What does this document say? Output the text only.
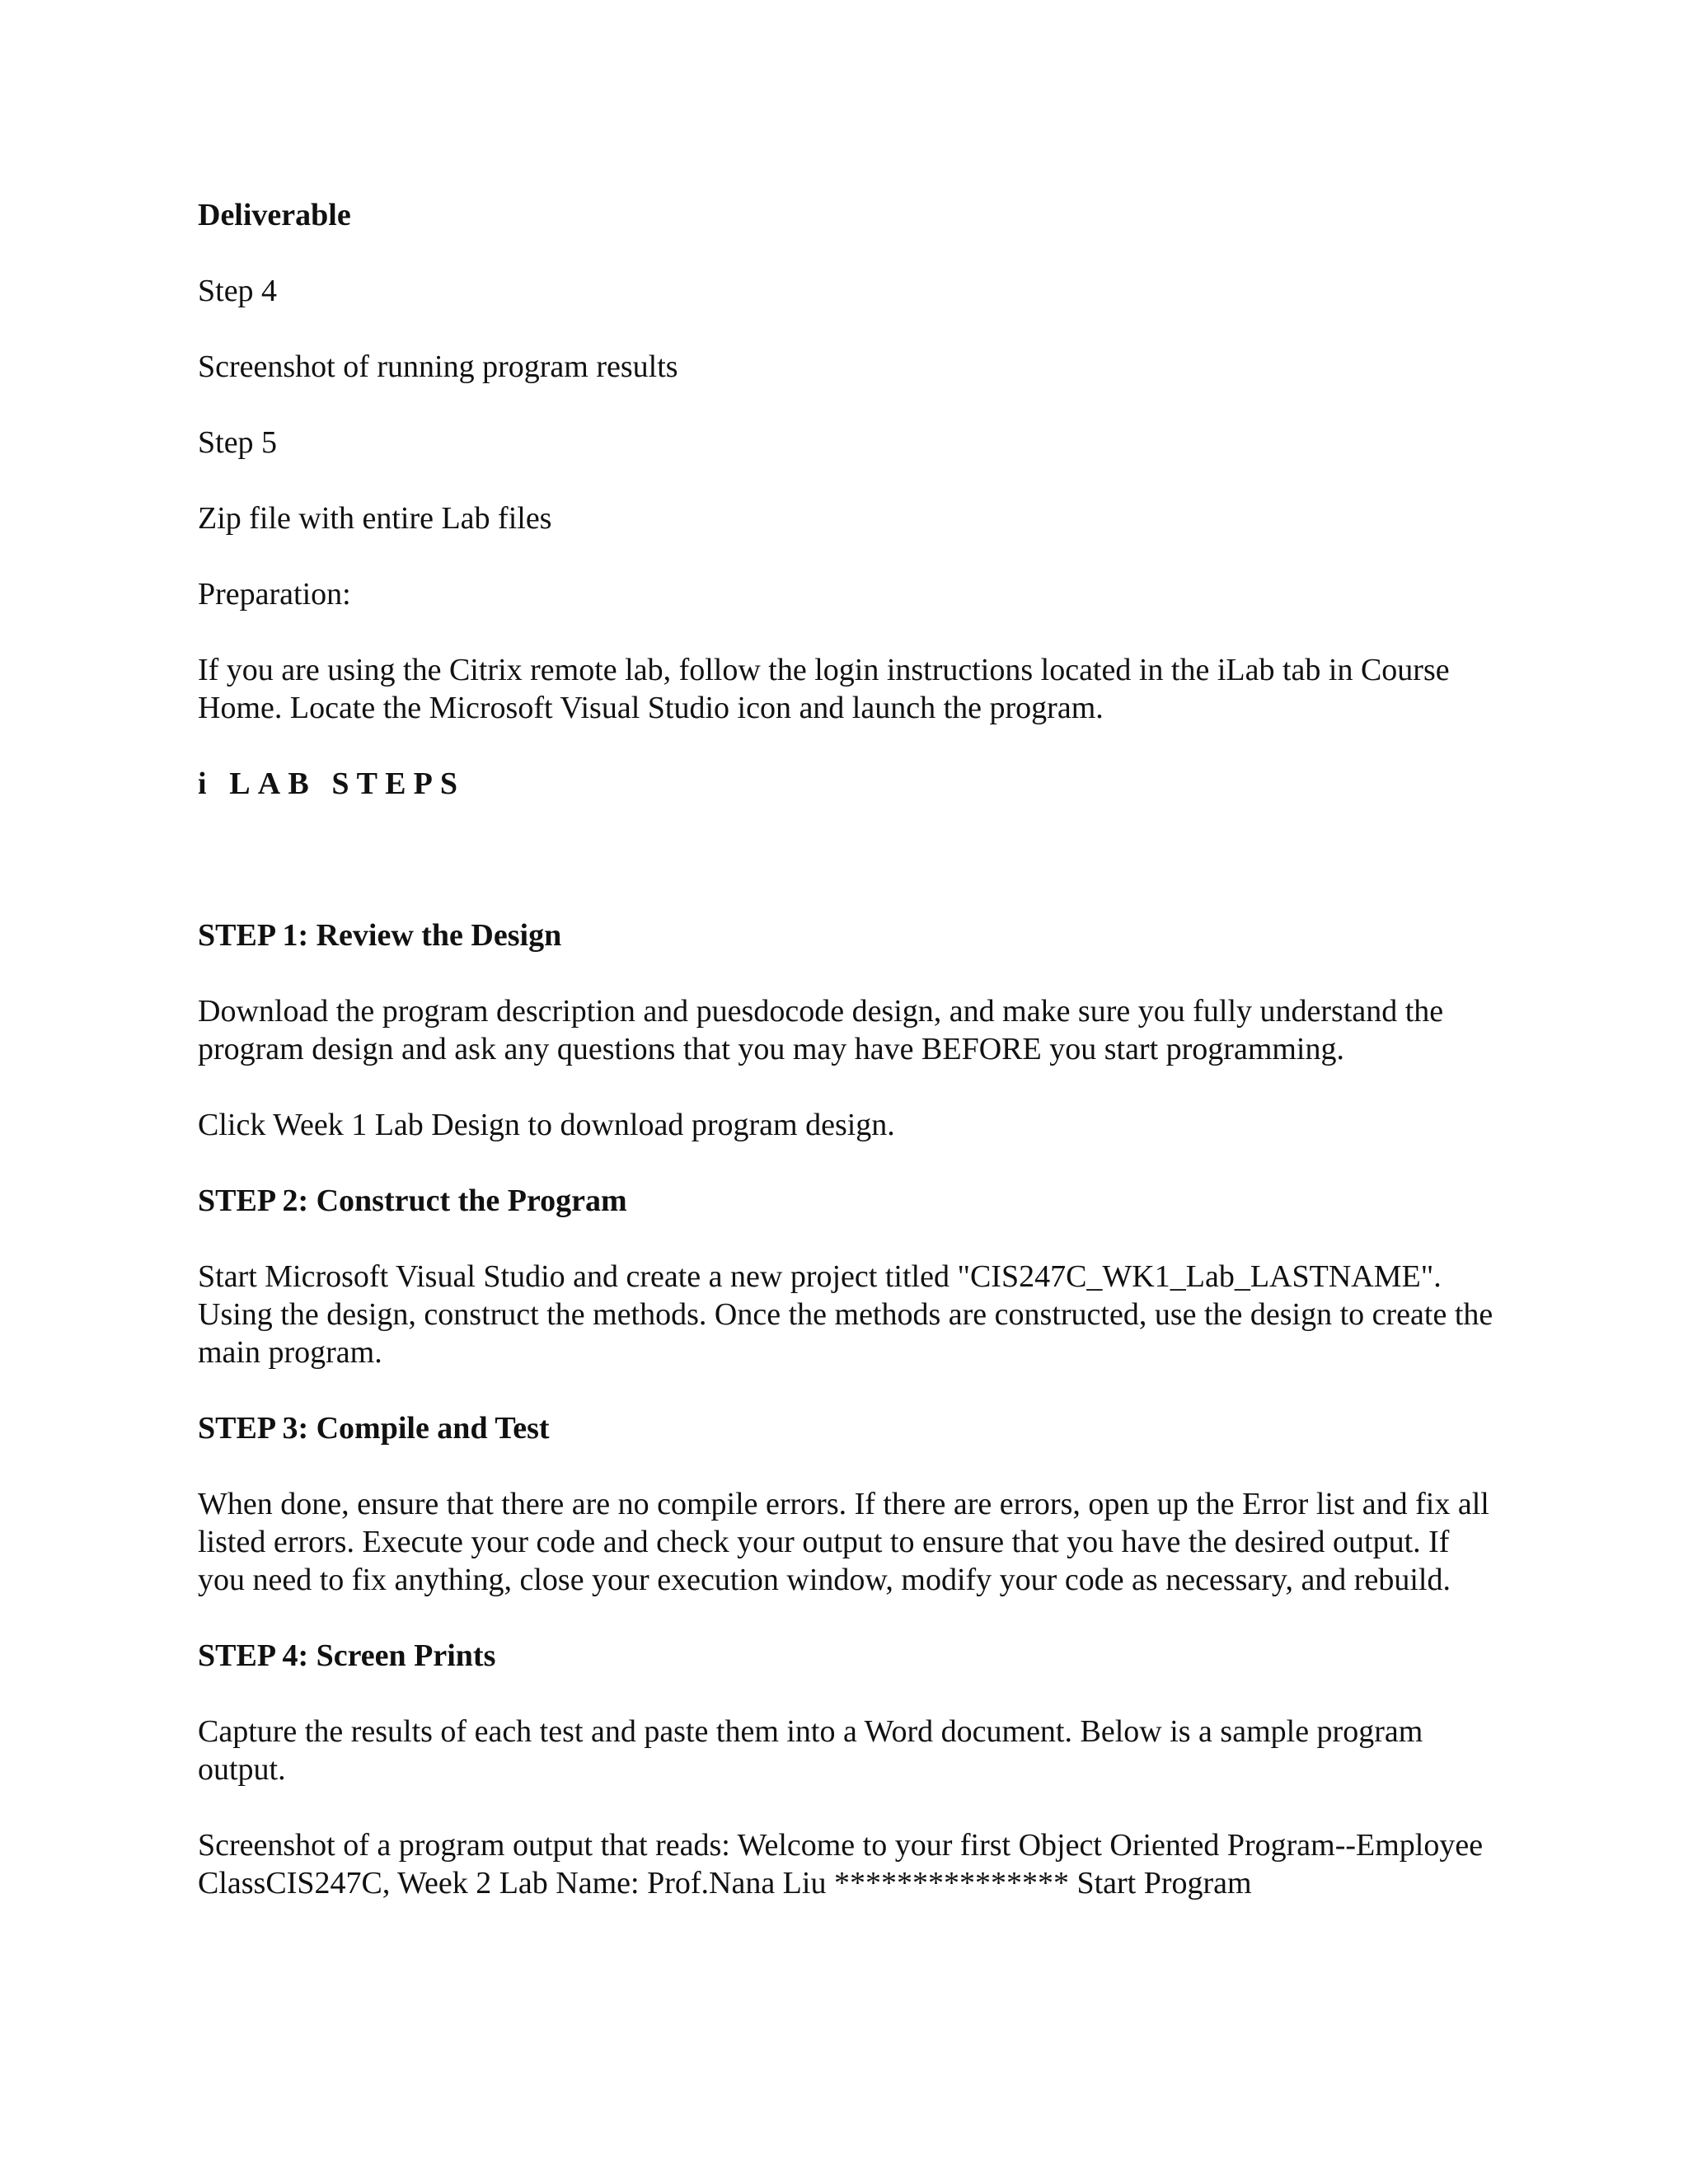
Deliverable

Step 4

Screenshot of running program results

Step 5

Zip file with entire Lab files

Preparation:

If you are using the Citrix remote lab, follow the login instructions located in the iLab tab in Course Home. Locate the Microsoft Visual Studio icon and launch the program.

i LAB STEPS

STEP 1: Review the Design

Download the program description and puesdocode design, and make sure you fully understand the program design and ask any questions that you may have BEFORE you start programming.

Click Week 1 Lab Design to download program design.

STEP 2: Construct the Program

Start Microsoft Visual Studio and create a new project titled "CIS247C_WK1_Lab_LASTNAME". Using the design, construct the methods. Once the methods are constructed, use the design to create the main program.

STEP 3: Compile and Test

When done, ensure that there are no compile errors. If there are errors, open up the Error list and fix all listed errors. Execute your code and check your output to ensure that you have the desired output. If you need to fix anything, close your execution window, modify your code as necessary, and rebuild.

STEP 4: Screen Prints

Capture the results of each test and paste them into a Word document. Below is a sample program output.

Screenshot of a program output that reads: Welcome to your first Object Oriented Program--Employee ClassCIS247C, Week 2 Lab Name: Prof.Nana Liu *************** Start Program
